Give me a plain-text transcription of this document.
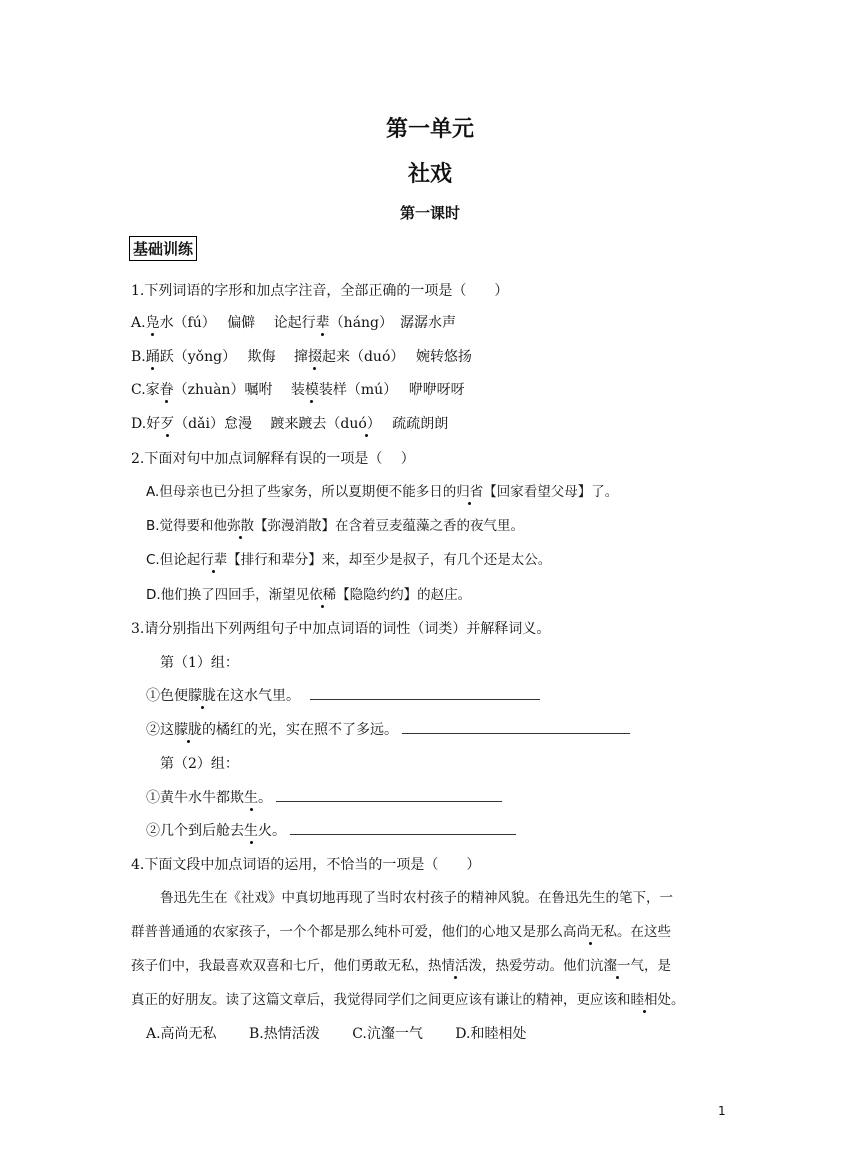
第一单元
社戏
第一课时
基础训练
1.下列词语的字形和加点字注音，全部正确的一项是（　　）
A.凫水（fú）　 偏僻　 论起行辈（háng）　潺潺水声
B.踊跃（yǒng）　 欺侮　 撺掇起来（duó）　 婉转悠扬
C.家眷（zhuàn）嘱咐　 装模装样（mú）　 咿咿呀呀
D.好歹（dǎi）怠漫　 踱来踱去（duó）　 疏疏朗朗
2.下面对句中加点词解释有误的一项是（　 ）
A.但母亲也已分担了些家务，所以夏期便不能多日的归省【回家看望父母】了。
B.觉得要和他弥散【弥漫消散】在含着豆麦蕴藻之香的夜气里。
C.但论起行辈【排行和辈分】来，却至少是叔子，有几个还是太公。
D.他们换了四回手，渐望见依稀【隐隐约约】的赵庄。
3.请分别指出下列两组句子中加点词语的词性（词类）并解释词义。
第（1）组：
①色便朦胧在这水气里。
②这朦胧的橘红的光，实在照不了多远。
第（2）组：
①黄牛水牛都欺生。
②几个到后舱去生火。
4.下面文段中加点词语的运用，不恰当的一项是（　　）
鲁迅先生在《社戏》中真切地再现了当时农村孩子的精神风貌。在鲁迅先生的笔下，一
群普普通通的农家孩子，一个个都是那么纯朴可爱，他们的心地又是那么高尚无私。在这些
孩子们中，我最喜欢双喜和七斤，他们勇敢无私，热情活泼，热爱劳动。他们沆瀣一气，是
真正的好朋友。读了这篇文章后，我觉得同学们之间更应该有谦让的精神，更应该和睦相处。
A.高尚无私　　 B.热情活泼　　 C.沆瀣一气　　 D.和睦相处
1
